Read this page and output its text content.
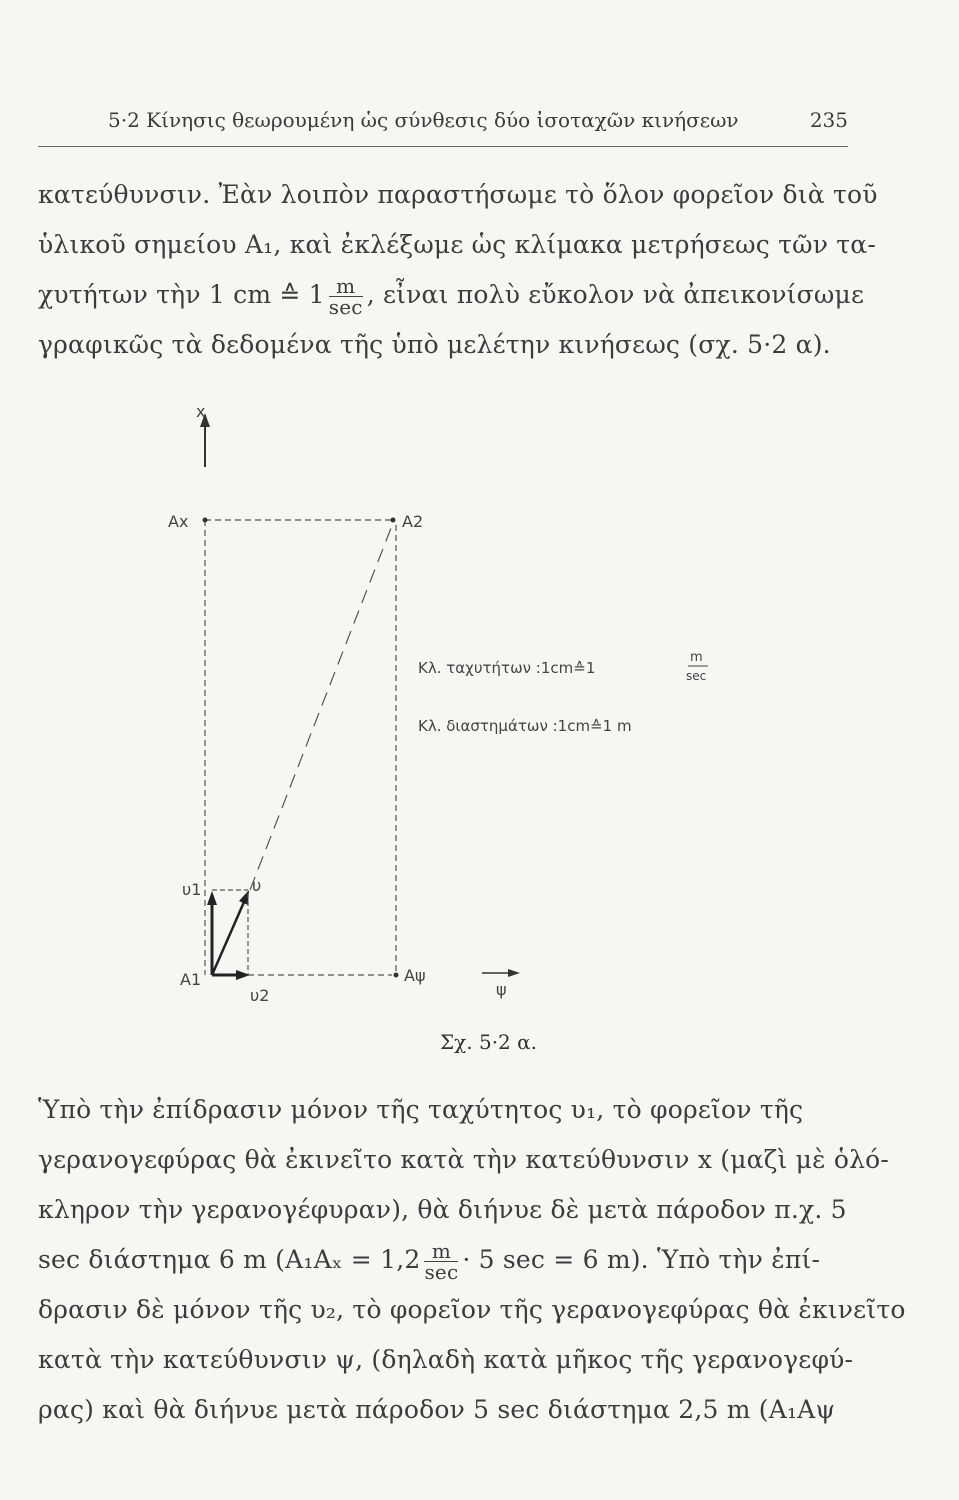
5·2 Κίνησις θεωρουμένη ὡς σύνθεσις δύο ἰσοταχῶν κινήσεων	235
κατεύθυνσιν. Ἐὰν λοιπὸν παραστήσωμε τὸ ὅλον φορεῖον διὰ τοῦ
ὑλικοῦ σημείου A₁, καὶ ἐκλέξωμε ὡς κλίμακα μετρήσεως τῶν τα-
χυτήτων τὴν 1 cm ≙ $1 \frac{m}{\sec}$ , εἶναι πολὺ εὔκολον νὰ ἀπεικονίσωμε
γραφικῶς τὰ δεδομένα τῆς ὑπὸ μελέτην κινήσεως (σχ. 5·2 α).
x
Ax	A2
Aψ
υ1	υ
A1
υ2	ψ
Κλ. ταχυτήτων :1cm≙1
m
sec
Κλ. διαστημάτων :1cm≙1 m
Σχ. 5·2 α.
Ὑπὸ τὴν ἐπίδρασιν μόνον τῆς ταχύτητος υ₁, τὸ φορεῖον τῆς
γερανογεφύρας θὰ ἐκινεῖτο κατὰ τὴν κατεύθυνσιν x (μαζὶ μὲ ὁλό-
κληρον τὴν γερανογέφυραν), θὰ διήνυε δὲ μετὰ πάροδον π.χ. 5
sec διάστημα 6 m ($A_1A_x = 1,2 \frac{m}{\sec} \cdot 5$ sec = 6 m). Ὑπὸ τὴν ἐπί-
δρασιν δὲ μόνον τῆς υ₂, τὸ φορεῖον τῆς γερανογεφύρας θὰ ἐκινεῖτο
κατὰ τὴν κατεύθυνσιν ψ, (δηλαδὴ κατὰ μῆκος τῆς γερανογεφύ-
ρας) καὶ θὰ διήνυε μετὰ πάροδον 5 sec διάστημα 2,5 m (A₁Aψ
